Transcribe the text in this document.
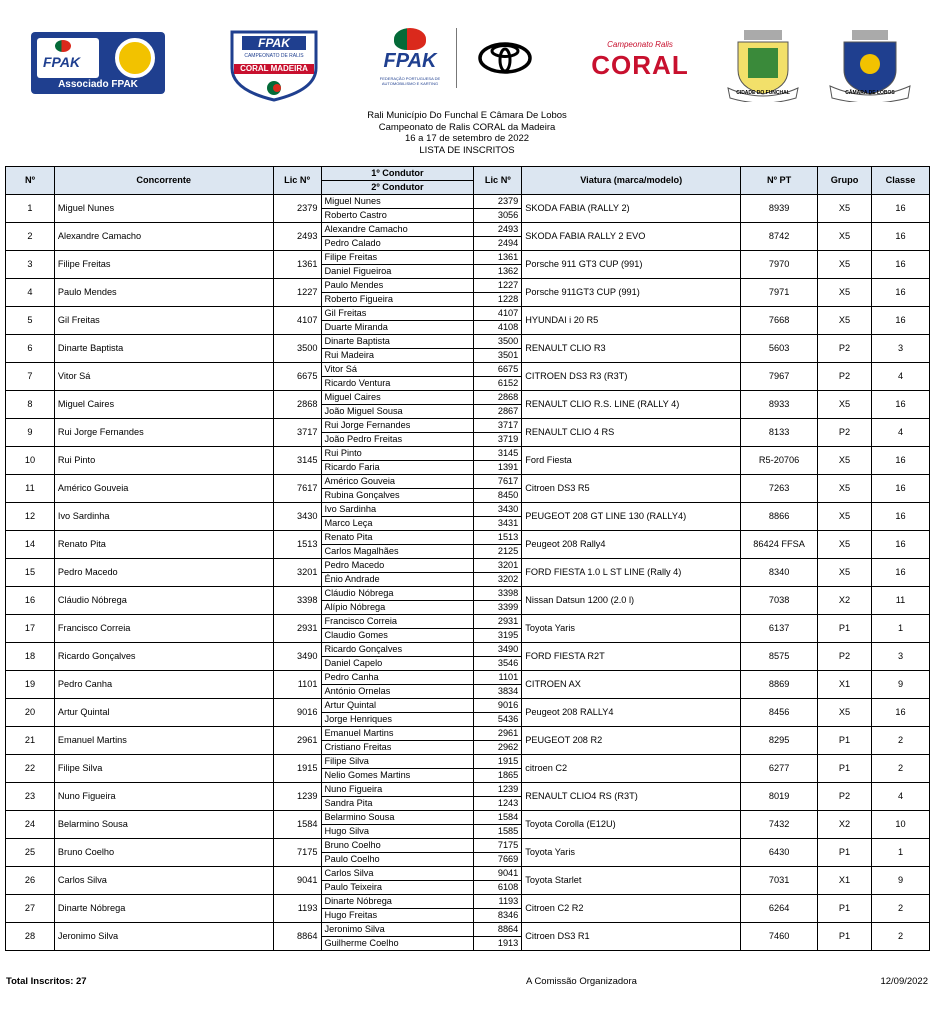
FPAK
Associado FPAK
FPAK
CAMPEONATO DE RALIS
CORAL MADEIRA	FPAK
FEDERAÇÃO PORTUGUESA DE AUTOMOBILISMO E KARTING
Campeonato Ralis
CORAL
CIDADE DO FUNCHAL	CÂMARA DE LOBOS
Rali Município Do Funchal E Câmara De Lobos
Campeonato de Ralis CORAL da Madeira
16 a 17 de setembro de 2022
LISTA DE INSCRITOS
Nº	Concorrente	Lic Nº	1º Condutor	Lic Nº	Viatura (marca/modelo)	Nº PT	Grupo	Classe
			2º Condutor					
1	Miguel Nunes	2379	Miguel Nunes	2379	SKODA FABIA (RALLY 2)	8939	X5	16
			Roberto Castro	3056				
2	Alexandre Camacho	2493	Alexandre Camacho	2493	SKODA FABIA RALLY 2 EVO	8742	X5	16
			Pedro Calado	2494				
3	Filipe Freitas	1361	Filipe Freitas	1361	Porsche 911 GT3 CUP (991)	7970	X5	16
			Daniel Figueiroa	1362				
4	Paulo Mendes	1227	Paulo Mendes	1227	Porsche 911GT3 CUP (991)	7971	X5	16
			Roberto Figueira	1228				
5	Gil Freitas	4107	Gil Freitas	4107	HYUNDAI i 20 R5	7668	X5	16
			Duarte Miranda	4108				
6	Dinarte Baptista	3500	Dinarte Baptista	3500	RENAULT CLIO R3	5603	P2	3
			Rui Madeira	3501				
7	Vitor Sá	6675	Vitor Sá	6675	CITROEN DS3 R3 (R3T)	7967	P2	4
			Ricardo Ventura	6152				
8	Miguel Caires	2868	Miguel Caires	2868	RENAULT CLIO R.S. LINE (RALLY 4)	8933	X5	16
			João Miguel Sousa	2867				
9	Rui Jorge Fernandes	3717	Rui Jorge Fernandes	3717	RENAULT CLIO 4 RS	8133	P2	4
			João Pedro Freitas	3719				
10	Rui Pinto	3145	Rui Pinto	3145	Ford Fiesta	R5-20706	X5	16
			Ricardo Faria	1391				
11	Américo Gouveia	7617	Américo Gouveia	7617	Citroen DS3 R5	7263	X5	16
			Rubina Gonçalves	8450				
12	Ivo Sardinha	3430	Ivo Sardinha	3430	PEUGEOT 208 GT LINE 130 (RALLY4)	8866	X5	16
			Marco Leça	3431				
14	Renato Pita	1513	Renato Pita	1513	Peugeot 208 Rally4	86424 FFSA	X5	16
			Carlos Magalhães	2125				
15	Pedro Macedo	3201	Pedro Macedo	3201	FORD FIESTA 1.0 L ST LINE (Rally 4)	8340	X5	16
			Énio Andrade	3202				
16	Cláudio Nóbrega	3398	Cláudio Nóbrega	3398	Nissan Datsun 1200 (2.0 l)	7038	X2	11
			Alípio Nóbrega	3399				
17	Francisco Correia	2931	Francisco Correia	2931	Toyota Yaris	6137	P1	1
			Claudio Gomes	3195				
18	Ricardo Gonçalves	3490	Ricardo Gonçalves	3490	FORD FIESTA R2T	8575	P2	3
			Daniel Capelo	3546				
19	Pedro Canha	1101	Pedro Canha	1101	CITROEN AX	8869	X1	9
			António Ornelas	3834				
20	Artur Quintal	9016	Artur Quintal	9016	Peugeot 208 RALLY4	8456	X5	16
			Jorge Henriques	5436				
21	Emanuel Martins	2961	Emanuel Martins	2961	PEUGEOT 208 R2	8295	P1	2
			Cristiano Freitas	2962				
22	Filipe Silva	1915	Filipe Silva	1915	citroen C2	6277	P1	2
			Nelio Gomes Martins	1865				
23	Nuno Figueira	1239	Nuno Figueira	1239	RENAULT CLIO4 RS (R3T)	8019	P2	4
			Sandra Pita	1243				
24	Belarmino Sousa	1584	Belarmino Sousa	1584	Toyota Corolla (E12U)	7432	X2	10
			Hugo Silva	1585				
25	Bruno Coelho	7175	Bruno Coelho	7175	Toyota Yaris	6430	P1	1
			Paulo Coelho	7669				
26	Carlos Silva	9041	Carlos Silva	9041	Toyota Starlet	7031	X1	9
			Paulo Teixeira	6108				
27	Dinarte Nóbrega	1193	Dinarte Nóbrega	1193	Citroen C2 R2	6264	P1	2
			Hugo Freitas	8346				
28	Jeronimo Silva	8864	Jeronimo Silva	8864	Citroen DS3 R1	7460	P1	2
			Guilherme Coelho	1913				
Total Inscritos: 27	A Comissão Organizadora	12/09/2022
